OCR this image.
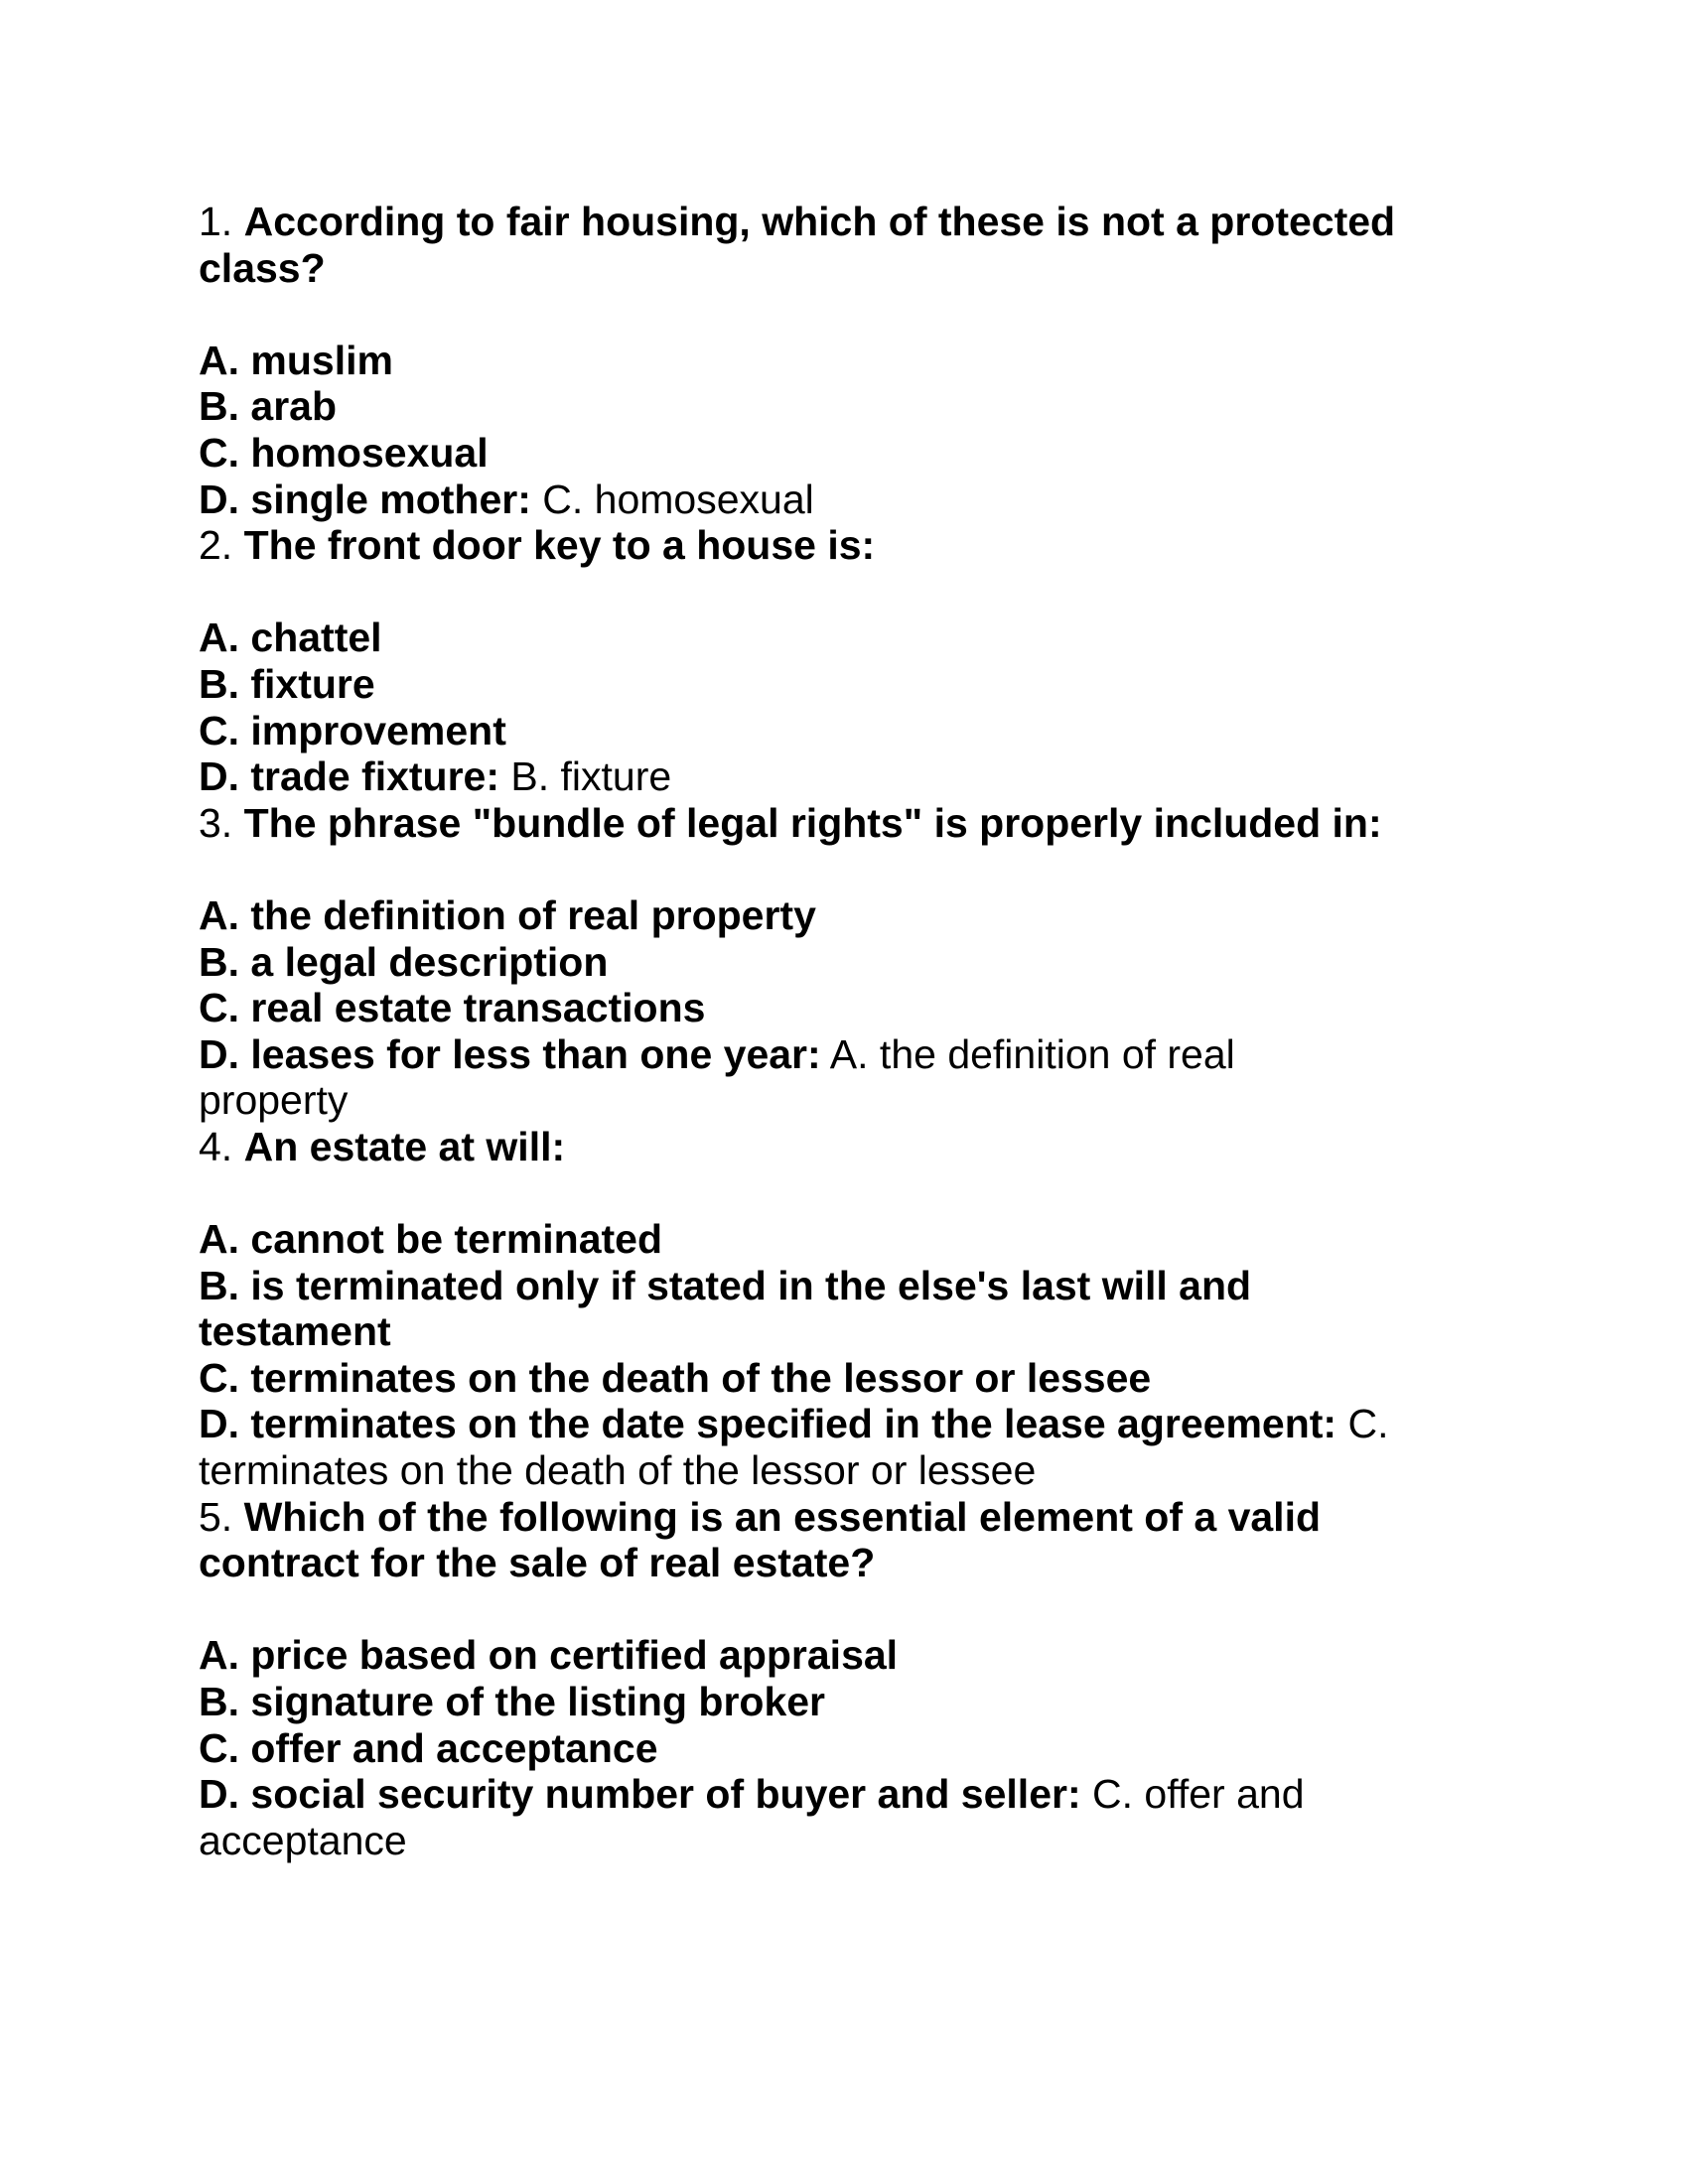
1. According to fair housing, which of these is not a protected
class?
A. muslim
B. arab
C. homosexual
D. single mother: C. homosexual
2. The front door key to a house is:
A. chattel
B. fixture
C. improvement
D. trade fixture: B. fixture
3. The phrase "bundle of legal rights" is properly included in:
A. the definition of real property
B. a legal description
C. real estate transactions
D. leases for less than one year: A. the definition of real
property
4. An estate at will:
A. cannot be terminated
B. is terminated only if stated in the else's last will and
testament
C. terminates on the death of the lessor or lessee
D. terminates on the date specified in the lease agreement: C.
terminates on the death of the lessor or lessee
5. Which of the following is an essential element of a valid
contract for the sale of real estate?
A. price based on certified appraisal
B. signature of the listing broker
C. offer and acceptance
D. social security number of buyer and seller: C. offer and
acceptance
